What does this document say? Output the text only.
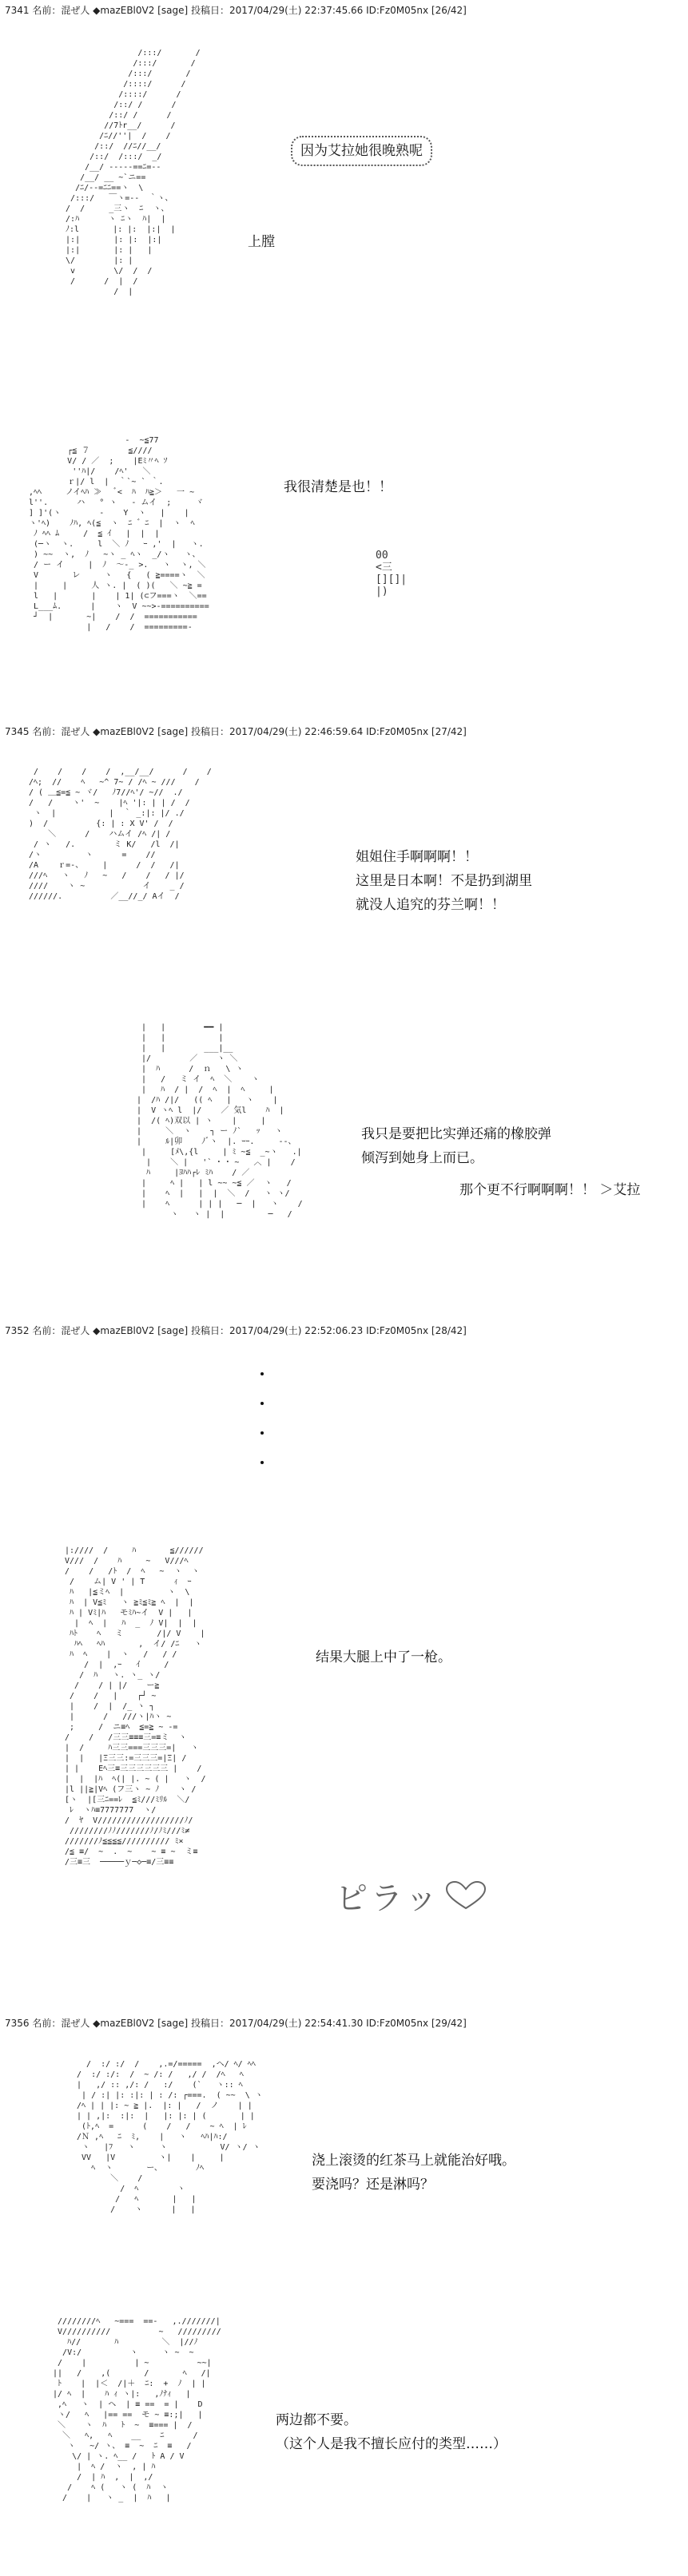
7341 名前：混ぜ人 ◆mazEBl0V2 [sage] 投稿日：2017/04/29(土) 22:37:45.66 ID:Fz0M05nx [26/42]
/:::/       /
/:::/       /
/:::/       /
/::::/      /
/::::/      /
/::/ /      /
/::/ /      /
//7ﾄr__/      /
/ﾆ//''|  /    /
/::/  //ﾆ//__/
/::/  /:::/  _/
/__/ -----==ﾆ=--
/__/ __ ~`ニ==
/ﾆ/--=ﾆﾆ==ヽ  \
/:::/   ￣ヽ=--  ｀ヽ、
/  /     _三ヽ  ﾆ  ヽ、
/:ﾊ      ヽ ﾆヽ  ﾊ|  |
ﾉ:l       |: |:  |:|  |
|:|       |: |:  |:|
|:|       |: |   |
\/        |: |
v        \/  /  /
/      /  |  /
/  |
因为艾拉她很晚熟呢
上膛
-  ~≦77
┌≦ ７        ≦////
V/ / ／  ;    |Eﾐ〃ﾍ ｿ
''ﾊ|/    /ﾍ'   ＼
ｒ|/ l  |  ｀`~ ` ｀.
,ﾍﾍ     ノイﾍﾊ ≫   ﾞ<  ﾊ  ﾊ≧＞   一 ~
l''.      ハ   ° ヽ   - ムイ  ;     ヾ
] ]'(ヽ        -    Y  ヽ   |    |
ヽ'ﾍ)    ﾉﾊ, ﾍ(≦  ヽ  ﾆ ゛ﾆ  |  ヽ  ﾍ
ﾉ ﾍﾍ ﾑ     /  ≦ ｲ   |  |  |
(─ヽ  ヽ.     l  ＼ ﾉ   ｰ ,'  |   ヽ.
) ~~  ヽ,  ﾉ   ~ヽ _ ﾍヽ  _/ヽ   ヽ、
/ ー イ     |  ﾉ  ～-_ >.   ヽ  ヽ, ＼
V       レ     ヽ   {   ( ≧====ヽ  ＼
|     |     人 ヽ. |  ( )(   ＼ ~≧ =
l   |       |    | 1| (⊂フ===ヽ  ＼==
L___ﾑ.      |    ヽ  V ~~>-==========
┘  |       ~|    /  /  ===========
|   /    /  =========-
我很清楚是也！！
00
<三
[][]|
|)
7345 名前：混ぜ人 ◆mazEBl0V2 [sage] 投稿日：2017/04/29(土) 22:46:59.64 ID:Fz0M05nx [27/42]
/    /    /    /  ,__/__/      /    /
/ﾍ;  //    ﾍ   ~^ 7~ / /ﾍ ~ ///    /
/ ( ＿≦=≦ ~ ヾ/   ﾉ7//ﾍ'/ ~//  ./
/   /    ヽ'  ~    |ﾍ '|: | | /  /
ヽ  |           |  ｀ _:|: |/ ./
)  /          {: | : X V' /  /
＼      /    ハムイ /ﾍ /| /
/ ヽ   /.        ミ K/   /l  /|
/ヽ         ヽ      =    //
/A    ｒ=-、    |      /  /   /|
///ﾍ   ヽ   ﾉ   ~   /    /   / |/
////    ヽ ~            イ    _ /
//////.          ／__//_/ Aイ  /
姐姐住手啊啊啊！！
这里是日本啊！不是扔到湖里
就没人追究的芬兰啊！！
|   |        ━━ |
|   |           |
|   |        ___|__
|/        ／    ヽ ＼
|  ﾊ      /  ｎ   \ ヽ
|   /   ミ イ  ﾍ  ＼    ヽ
|   ﾊ  / |  /  ﾍ  |  ﾍ     |
|  /ﾊ /|/   (( ﾍ   |   ヽ    |
|  V ヽﾍ l  |/    ／ 気l    ﾊ  |
|  /( ﾍ)双以 | ヽ    |     |
|     ＼  ヽ    ┐ ー ﾉ`   ｯ   ヽ
|     ﾙ|卯    ﾉﾞヽ  |. ｰｰ.     --、
|     [ﾒ\,{l     | ﾐ ~≦  _~ヽ   .|
|    ＼ |   '` ･ ･ ~   ︿ |    /
ﾊ     |ﾖﾊﾊ┌ﾚ ﾐﾊ    / ／
|     ﾍ |   | l ~~ ~≦ ／  ヽ   /
|    ﾍ  |   |  |  ＼  /   ヽ ヽ/
|    ﾍ      | | |   ─  |   ヽ    /
ヽ   ヽ |  |         ─   /
我只是要把比实弹还痛的橡胶弹
倾泻到她身上而已。
那个更不行啊啊啊！！ ＞艾拉
7352 名前：混ぜ人 ◆mazEBl0V2 [sage] 投稿日：2017/04/29(土) 22:52:06.23 ID:Fz0M05nx [28/42]
|:////  /     ﾊ       ≦//////
V///  /    ﾊ     ~   V///ﾍ
/    /   /ﾄ  /  ﾍ   ~  ヽ  ヽ
/    ム| V ' | T      ｨ  ｰ
ﾊ   |≦ミﾍ  |         ヽ  \
ﾊ  | V≦ﾐ   ヽ ≧ﾐ≦ﾐ≧ ﾍ  |  |
ﾊ | Vﾐ|ﾊ   モﾐﾊ~イ  V |   |
|  ﾍ  |   ﾊ  _  ﾉ V|  |  |
ﾊﾄ    ﾍ   ミ       /|/ V    |
ﾊﾍ   ﾍﾊ       ,  イ/ /ﾆ   ヽ
ﾊ  ﾍ    |  ヽ   /   / /
/  |  ,ｰ   ｲ     /
/  ﾊ   ヽ. ヽ_ ヽ/
/    / | |/    ー≧
/    /   |    ┌┘ ~
|    /  |  /_ ヽ ┐
|      /   ///ヽ|ﾊヽ ~
;     /  ニ≡ﾍ  ≦=≧ ~ -=
/    /   /三三≡≡≡三=≡ミ  ヽ
|  /     ﾊ三三===三三三=|   ヽ
|  |   |Ξ三三:=三三三=|Ξ| /
| |    Eﾍ三≡三三三三三三 |    /
|  |  |ﾊ  ﾍ(| |. ~ ( |   ヽ  /
|l ||≧|Vﾍ (フ三ヽ ~ ﾉ    ヽ /
[ヽ  |[三ﾆ==ﾚ  ≦ﾐ///ﾐﾘﾙ  ＼/
ﾚ  ヽﾊ≡7777777  ヽ/
/  ﾔ  V//////////////////ﾉ/
////////ﾉﾉ///////ﾉ/ﾉﾐ///ﾐ≠
///////ﾉ≦≦≦≦////////// ﾐ×
/≦ ≡/  ~  .  ~    ~ ≡ ~  ミ≡
/三≡三  ─────ｙ─◇─≡/三≡≡
结果大腿上中了一枪。
ピラッ
7356 名前：混ぜ人 ◆mazEBl0V2 [sage] 投稿日：2017/04/29(土) 22:54:41.30 ID:Fz0M05nx [29/42]
/  :/ :/  /    ,.=/=====  ,ヘ/ ﾍ/ ﾍﾍ
/  :/ :/:  /  ~ /: /   ,/ /  /ﾍ   ﾍ
|   ,/ :: ,/: /   :/    (`   ヽ:: ﾍ
| / :| |: :|: | : /: ┌===.  ( ~~  \ ヽ
/ﾍ | | |: ~ ≧ |.  |: |   /  ノ    | |
| | ,|:  :|:  |   |: |: | (       | |
(ﾄ,ﾍ  =      (    /   /    ~ ﾍ  | ﾚ
/Ｎ ,ﾍ   ﾆ  ﾐ,    |   ヽ   ﾍﾊ|ﾊ:/
ヽ   |ﾌ   ヽ     ヽ           V/ ヽ/ ヽ
VV   |V         ヽ|    |     |
ﾍ  ヽ       ー、       ﾉﾍ
＼    /
/  ﾍ        ヽ
/   ﾍ       |   |
/    ヽ      |   |
浇上滚烫的红茶马上就能治好哦。
要浇吗？还是淋吗？
////////ﾍ   ~===  ==-   ,.///////|
V//////////          ~   /////////
ﾊ//       ﾊ         ＼  |//ﾉ
/V:/          ヽ     ヽ ~  ~
/    |          | ~          ~~|
||   /    ,(       /       ﾍ   /|
ﾄ    |  |＜  /|＋  ﾆ:  +  ﾉ  | |
|/ ﾍ  |    ﾊ ｨ ヽ|:   ,ﾉﾅｨ   |
,ﾍ   ヽ  | ヘ  | ≡ ==  = |    D
ヽ/   ﾍ   |== ==  モ ~ ≡:;|   |
＼    ヽ  ﾊ   ﾄ  ~  ≡=== |  /
＼   ﾍ,   ﾍ    __    ﾆ      /
ヽ   ~/ ヽ、 ≡  ~  ﾆ  ≡   /
\/ | ヽ. ﾍ__ /   ﾄ A / V
|  ﾍ /  ヽ  , | ﾊ
/  | ﾊ  ,  |  ,/
/    ﾍ (   ヽ (  ﾊ  ヽ
/    |   ヽ _  |  ﾊ   |
两边都不要。
（这个人是我不擅长应付的类型……）
